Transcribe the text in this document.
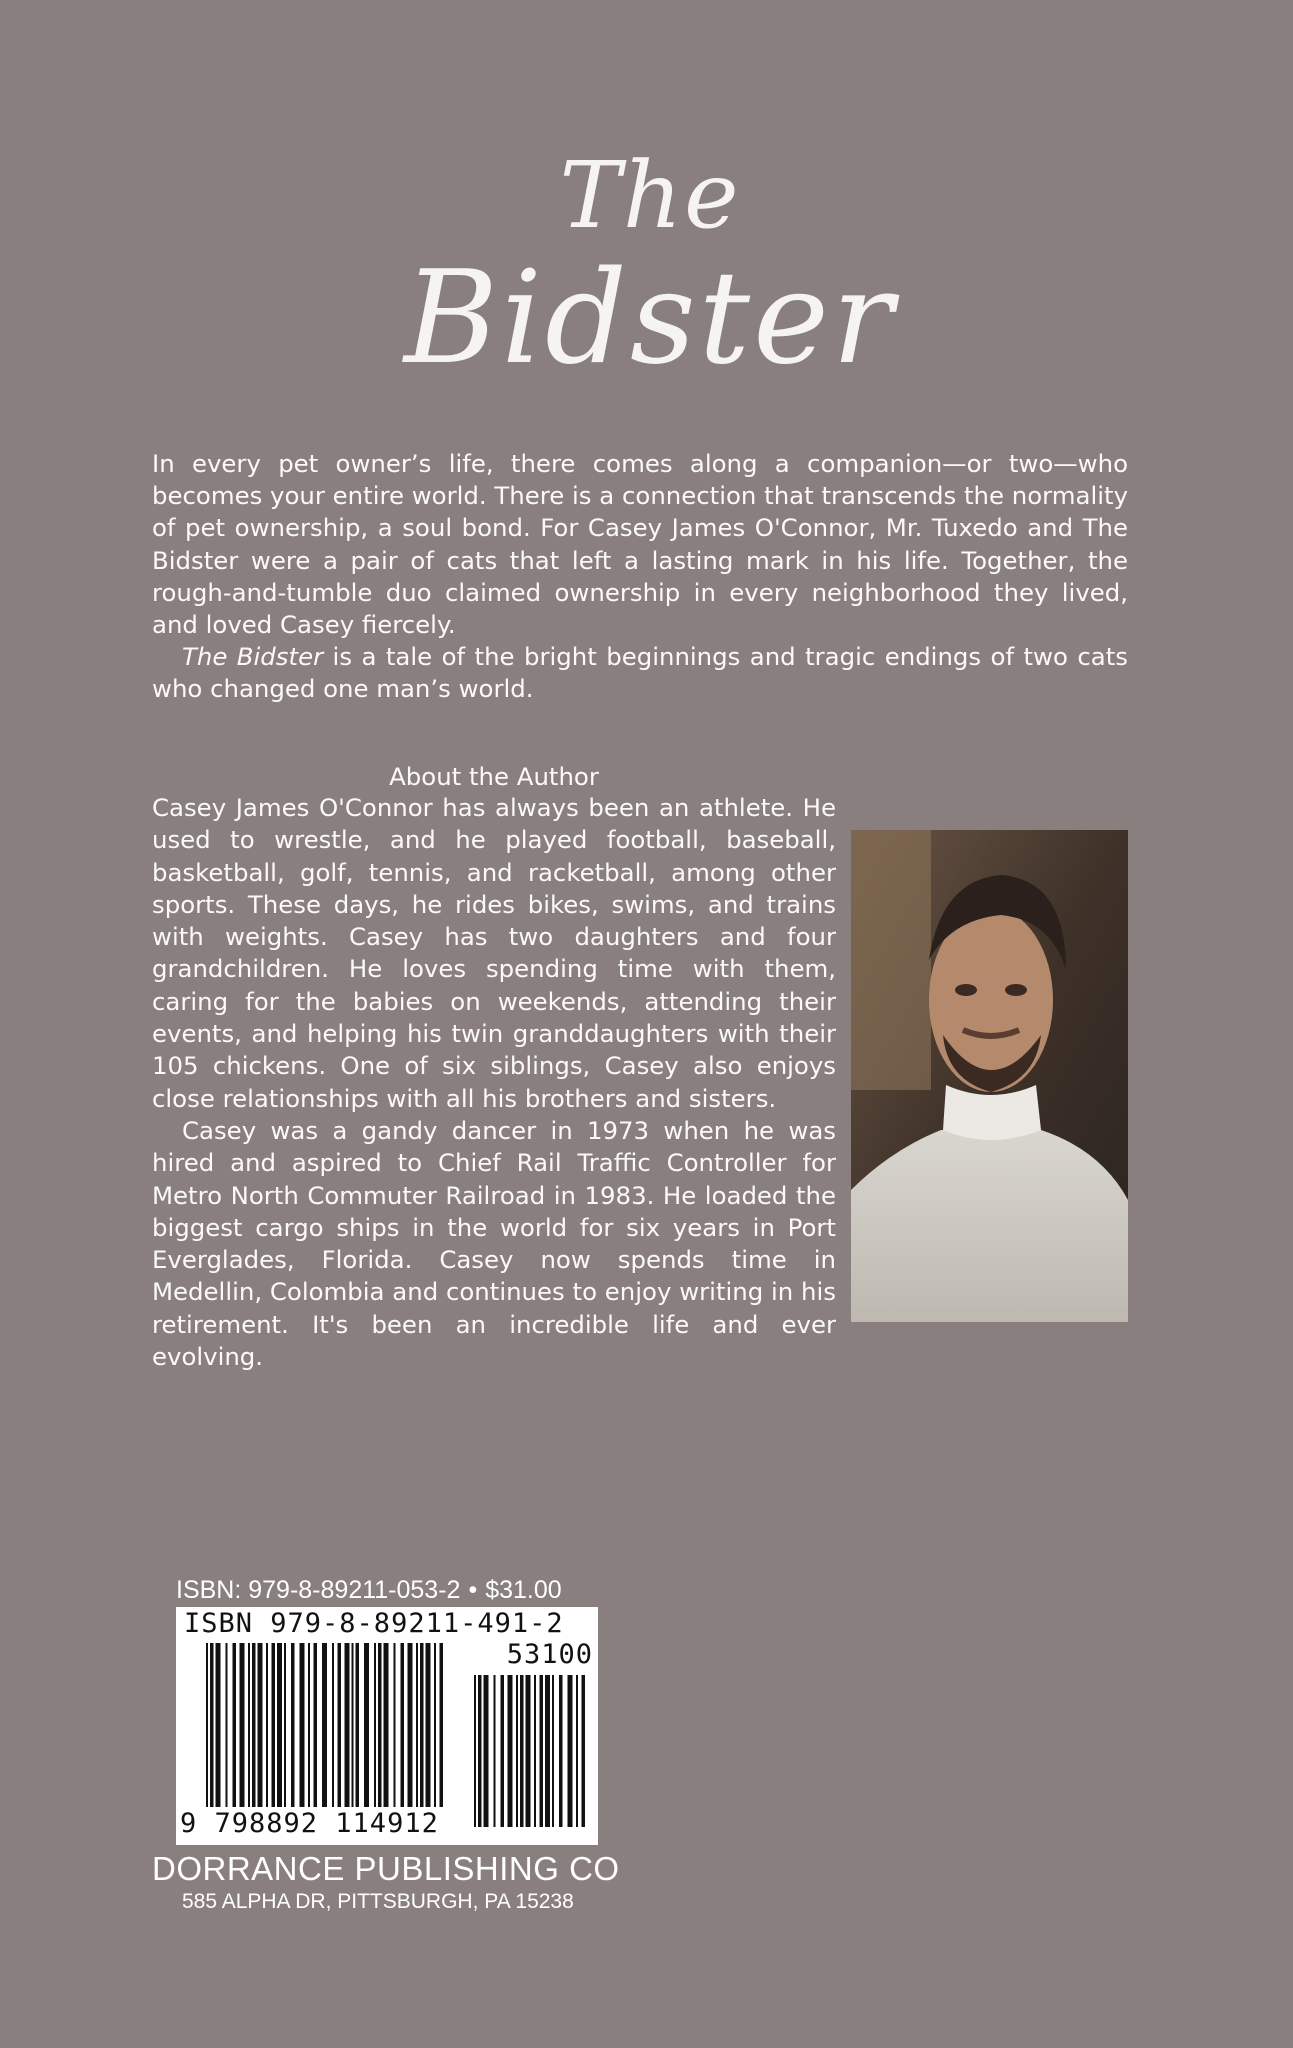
The
Bidster

In every pet owner’s life, there comes along a companion—or two—who becomes your entire world. There is a connection that transcends the normality of pet ownership, a soul bond. For Casey James O'Connor, Mr. Tuxedo and The Bidster were a pair of cats that left a lasting mark in his life. Together, the rough-and-tumble duo claimed ownership in every neighborhood they lived, and loved Casey fiercely.

The Bidster is a tale of the bright beginnings and tragic endings of two cats who changed one man’s world.

About the Author

Casey James O'Connor has always been an athlete. He used to wrestle, and he played football, baseball, basketball, golf, tennis, and racketball, among other sports. These days, he rides bikes, swims, and trains with weights. Casey has two daughters and four grandchildren. He loves spending time with them, caring for the babies on weekends, attending their events, and helping his twin granddaughters with their 105 chickens. One of six siblings, Casey also enjoys close relationships with all his brothers and sisters.

Casey was a gandy dancer in 1973 when he was hired and aspired to Chief Rail Traffic Controller for Metro North Commuter Railroad in 1983. He loaded the biggest cargo ships in the world for six years in Port Everglades, Florida. Casey now spends time in Medellin, Colombia and continues to enjoy writing in his retirement. It's been an incredible life and ever evolving.

ISBN: 979-8-89211-053-2 • $31.00
ISBN 979-8-89211-491-2
53100
9 798892 114912
DORRANCE PUBLISHING CO
585 ALPHA DR, PITTSBURGH, PA 15238
